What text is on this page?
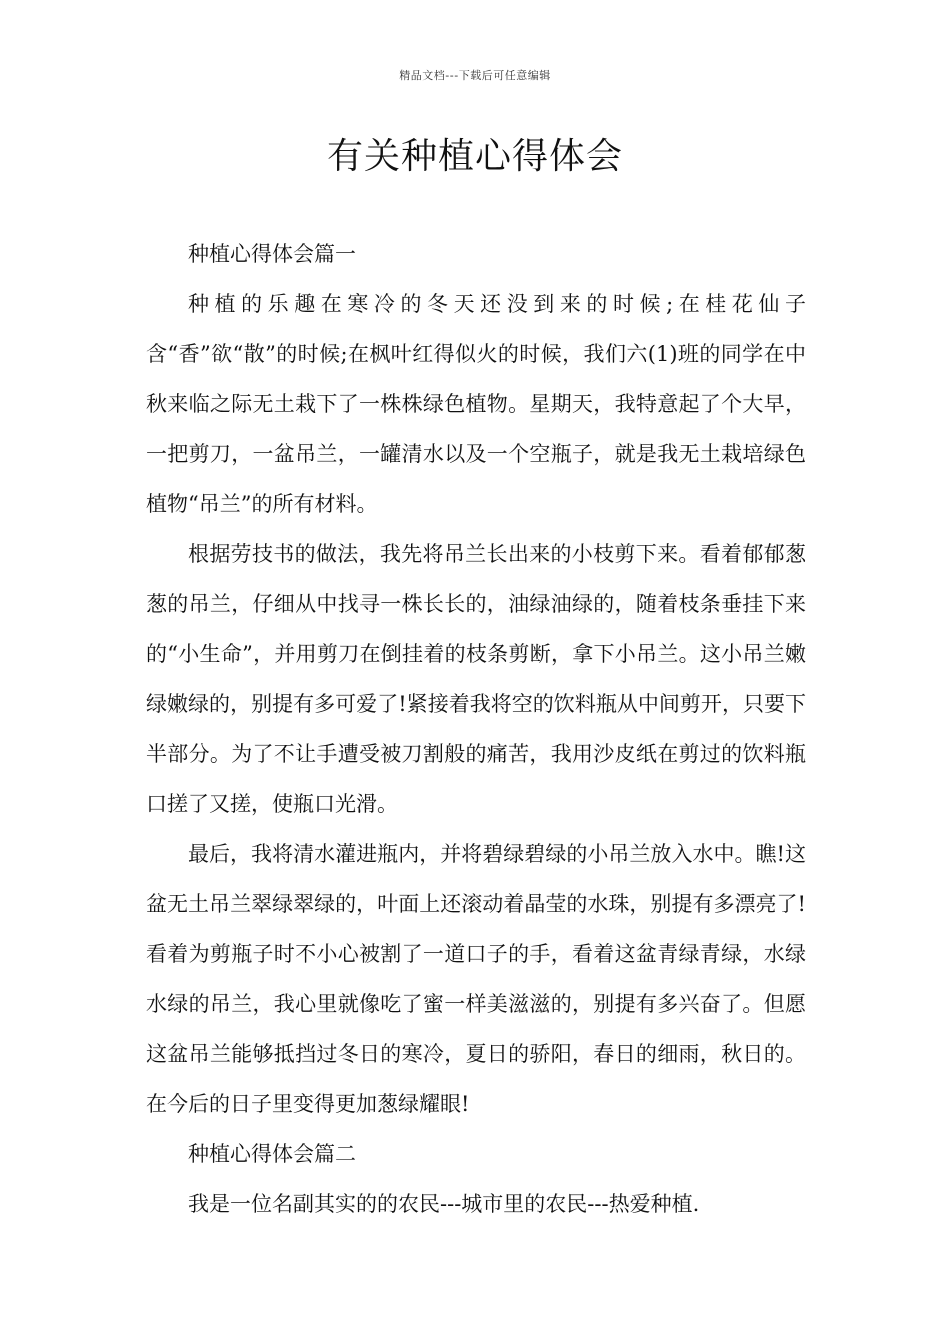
精品文档---下载后可任意编辑
有关种植心得体会

种植心得体会篇一

种植的乐趣在寒冷的冬天还没到来的时候;在桂花仙子含“香”欲“散”的时候;在枫叶红得似火的时候，我们六(1)班的同学在中秋来临之际无土栽下了一株株绿色植物。星期天，我特意起了个大早，一把剪刀，一盆吊兰，一罐清水以及一个空瓶子，就是我无土栽培绿色植物“吊兰”的所有材料。

根据劳技书的做法，我先将吊兰长出来的小枝剪下来。看着郁郁葱葱的吊兰，仔细从中找寻一株长长的，油绿油绿的，随着枝条垂挂下来的“小生命”，并用剪刀在倒挂着的枝条剪断，拿下小吊兰。这小吊兰嫩绿嫩绿的，别提有多可爱了!紧接着我将空的饮料瓶从中间剪开，只要下半部分。为了不让手遭受被刀割般的痛苦，我用沙皮纸在剪过的饮料瓶口搓了又搓，使瓶口光滑。

最后，我将清水灌进瓶内，并将碧绿碧绿的小吊兰放入水中。瞧!这盆无土吊兰翠绿翠绿的，叶面上还滚动着晶莹的水珠，别提有多漂亮了!看着为剪瓶子时不小心被割了一道口子的手，看着这盆青绿青绿，水绿水绿的吊兰，我心里就像吃了蜜一样美滋滋的，别提有多兴奋了。但愿这盆吊兰能够抵挡过冬日的寒冷，夏日的骄阳，春日的细雨，秋日的。在今后的日子里变得更加葱绿耀眼!

种植心得体会篇二

我是一位名副其实的的农民---城市里的农民---热爱种植.
